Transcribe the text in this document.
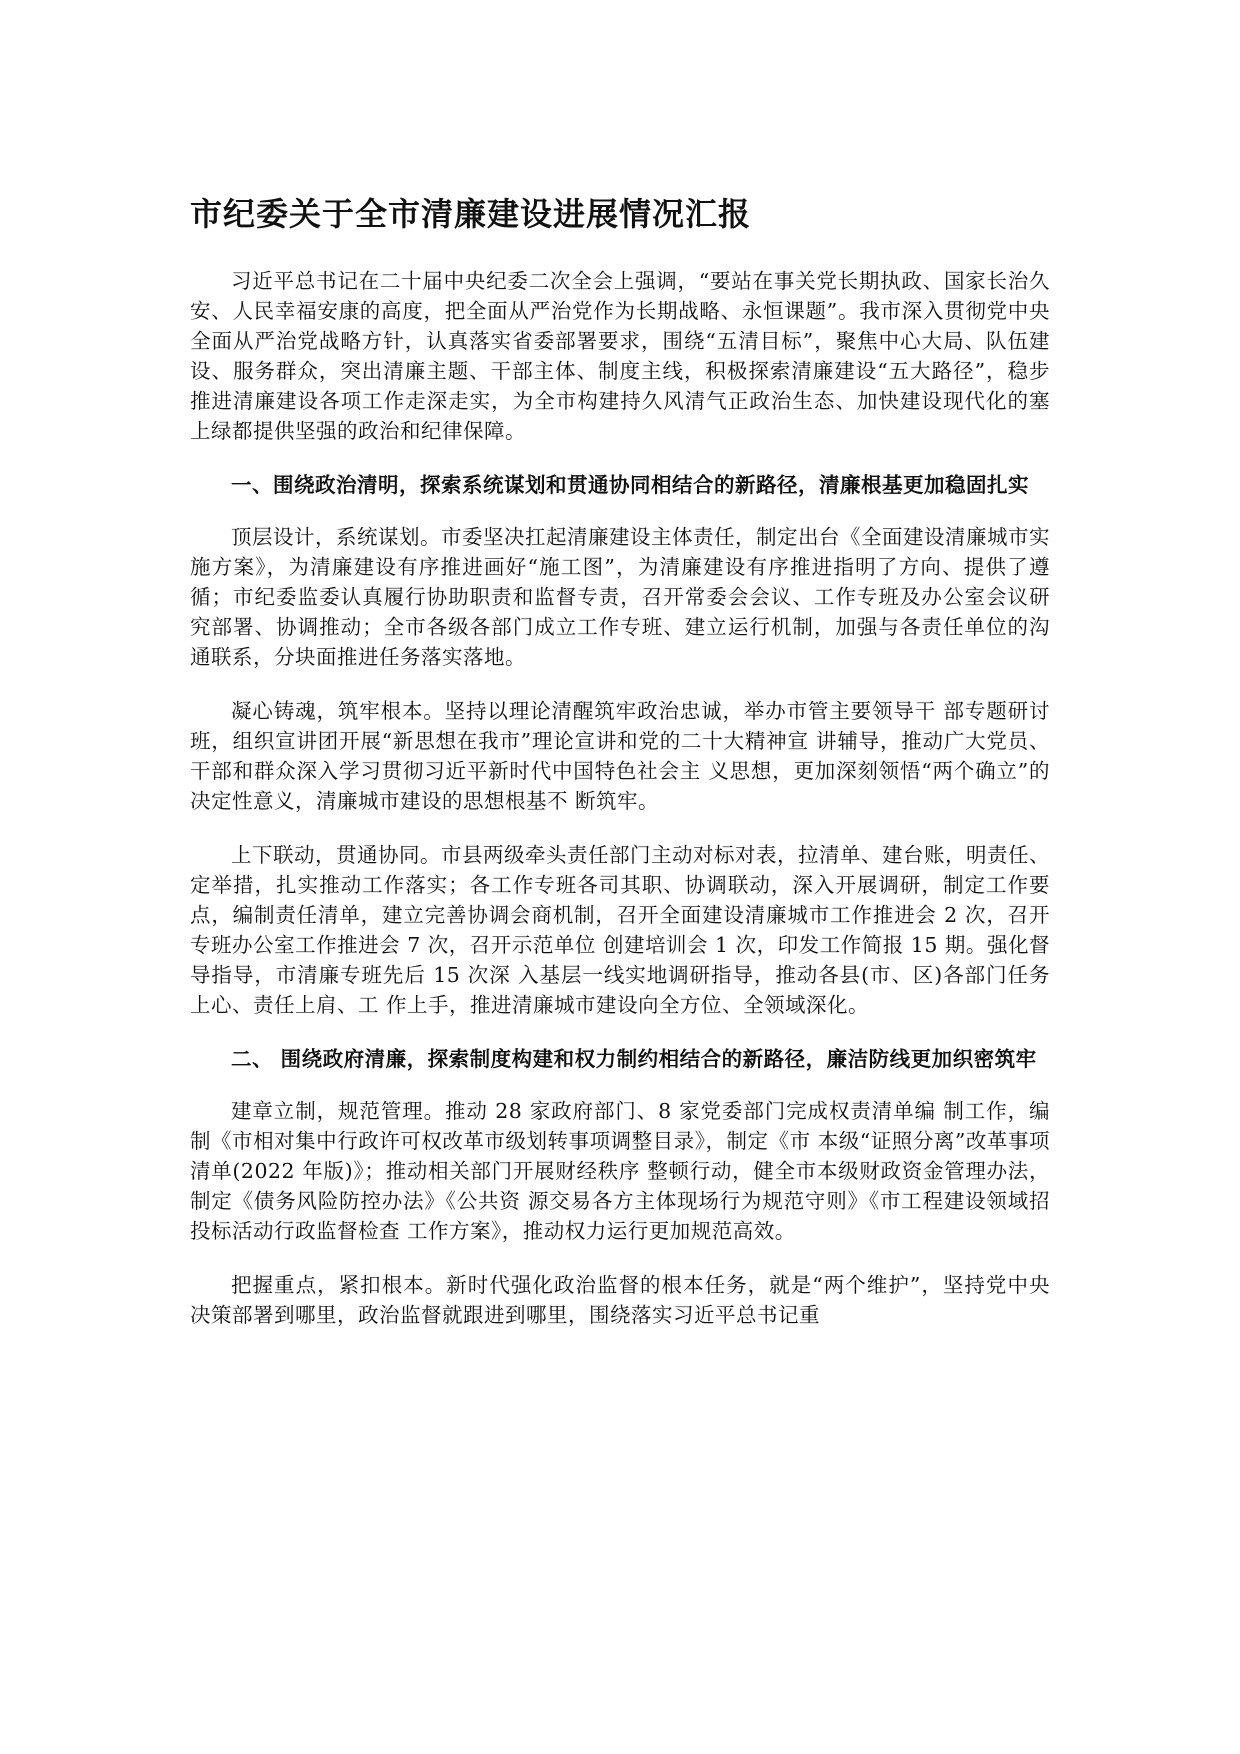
市纪委关于全市清廉建设进展情况汇报

习近平总书记在二十届中央纪委二次全会上强调，“要站在事关党长期执政、国家长治久安、人民幸福安康的高度，把全面从严治党作为长期战略、永恒课题”。我市深入贯彻党中央全面从严治党战略方针，认真落实省委部署要求，围绕“五清目标”，聚焦中心大局、队伍建设、服务群众，突出清廉主题、干部主体、制度主线，积极探索清廉建设“五大路径”，稳步推进清廉建设各项工作走深走实，为全市构建持久风清气正政治生态、加快建设现代化的塞上绿都提供坚强的政治和纪律保障。

一、围绕政治清明，探索系统谋划和贯通协同相结合的新路径，清廉根基更加稳固扎实

顶层设计，系统谋划。市委坚决扛起清廉建设主体责任，制定出台《全面建设清廉城市实施方案》，为清廉建设有序推进画好“施工图”，为清廉建设有序推进指明了方向、提供了遵循；市纪委监委认真履行协助职责和监督专责，召开常委会会议、工作专班及办公室会议研究部署、协调推动；全市各级各部门成立工作专班、建立运行机制，加强与各责任单位的沟通联系，分块面推进任务落实落地。

凝心铸魂，筑牢根本。坚持以理论清醒筑牢政治忠诚，举办市管主要领导干 部专题研讨班，组织宣讲团开展“新思想在我市”理论宣讲和党的二十大精神宣 讲辅导，推动广大党员、干部和群众深入学习贯彻习近平新时代中国特色社会主 义思想，更加深刻领悟“两个确立”的决定性意义，清廉城市建设的思想根基不 断筑牢。

上下联动，贯通协同。市县两级牵头责任部门主动对标对表，拉清单、建台账，明责任、定举措，扎实推动工作落实；各工作专班各司其职、协调联动，深入开展调研，制定工作要点，编制责任清单，建立完善协调会商机制，召开全面建设清廉城市工作推进会 2 次，召开专班办公室工作推进会 7 次，召开示范单位 创建培训会 1 次，印发工作简报 15 期。强化督导指导，市清廉专班先后 15 次深 入基层一线实地调研指导，推动各县(市、区)各部门任务上心、责任上肩、工 作上手，推进清廉城市建设向全方位、全领域深化。

二、 围绕政府清廉，探索制度构建和权力制约相结合的新路径，廉洁防线更加织密筑牢

建章立制，规范管理。推动 28 家政府部门、8 家党委部门完成权责清单编 制工作，编制《市相对集中行政许可权改革市级划转事项调整目录》，制定《市 本级“证照分离”改革事项清单(2022 年版)》；推动相关部门开展财经秩序 整顿行动，健全市本级财政资金管理办法，制定《债务风险防控办法》《公共资 源交易各方主体现场行为规范守则》《市工程建设领域招投标活动行政监督检查 工作方案》，推动权力运行更加规范高效。

把握重点，紧扣根本。新时代强化政治监督的根本任务，就是“两个维护”，坚持党中央决策部署到哪里，政治监督就跟进到哪里，围绕落实习近平总书记重
